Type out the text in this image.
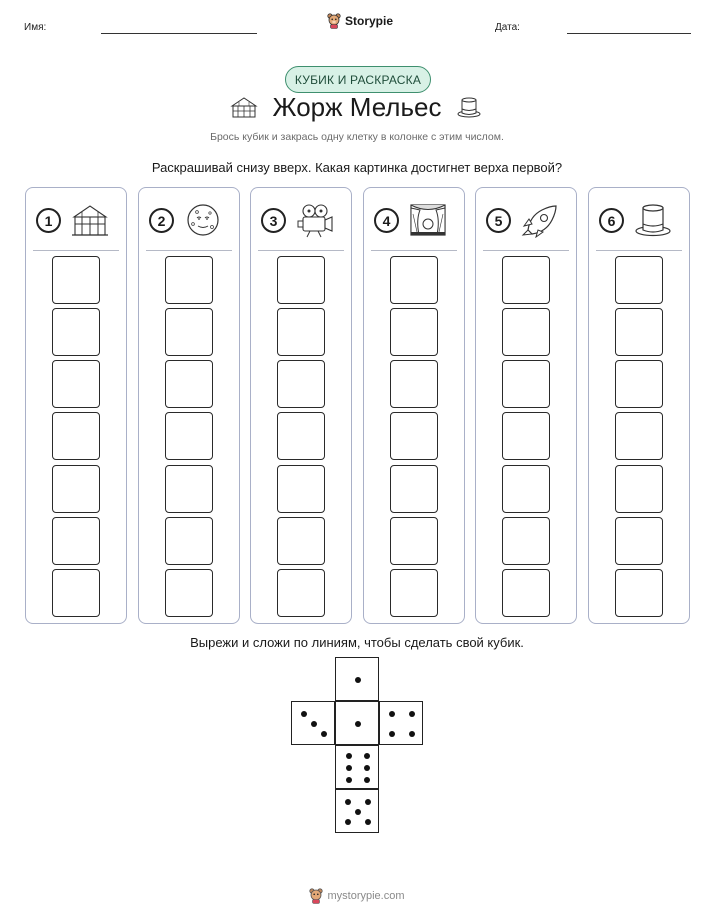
Имя:	Storypie	Дата:
КУБИК И РАСКРАСКА
Жорж Мельес
Брось кубик и закрась одну клетку в колонке с этим числом.
Раскрашивай снизу вверх. Какая картинка достигнет верха первой?
1	2	3	4	5	6
Вырежи и сложи по линиям, чтобы сделать свой кубик.
mystorypie.com
